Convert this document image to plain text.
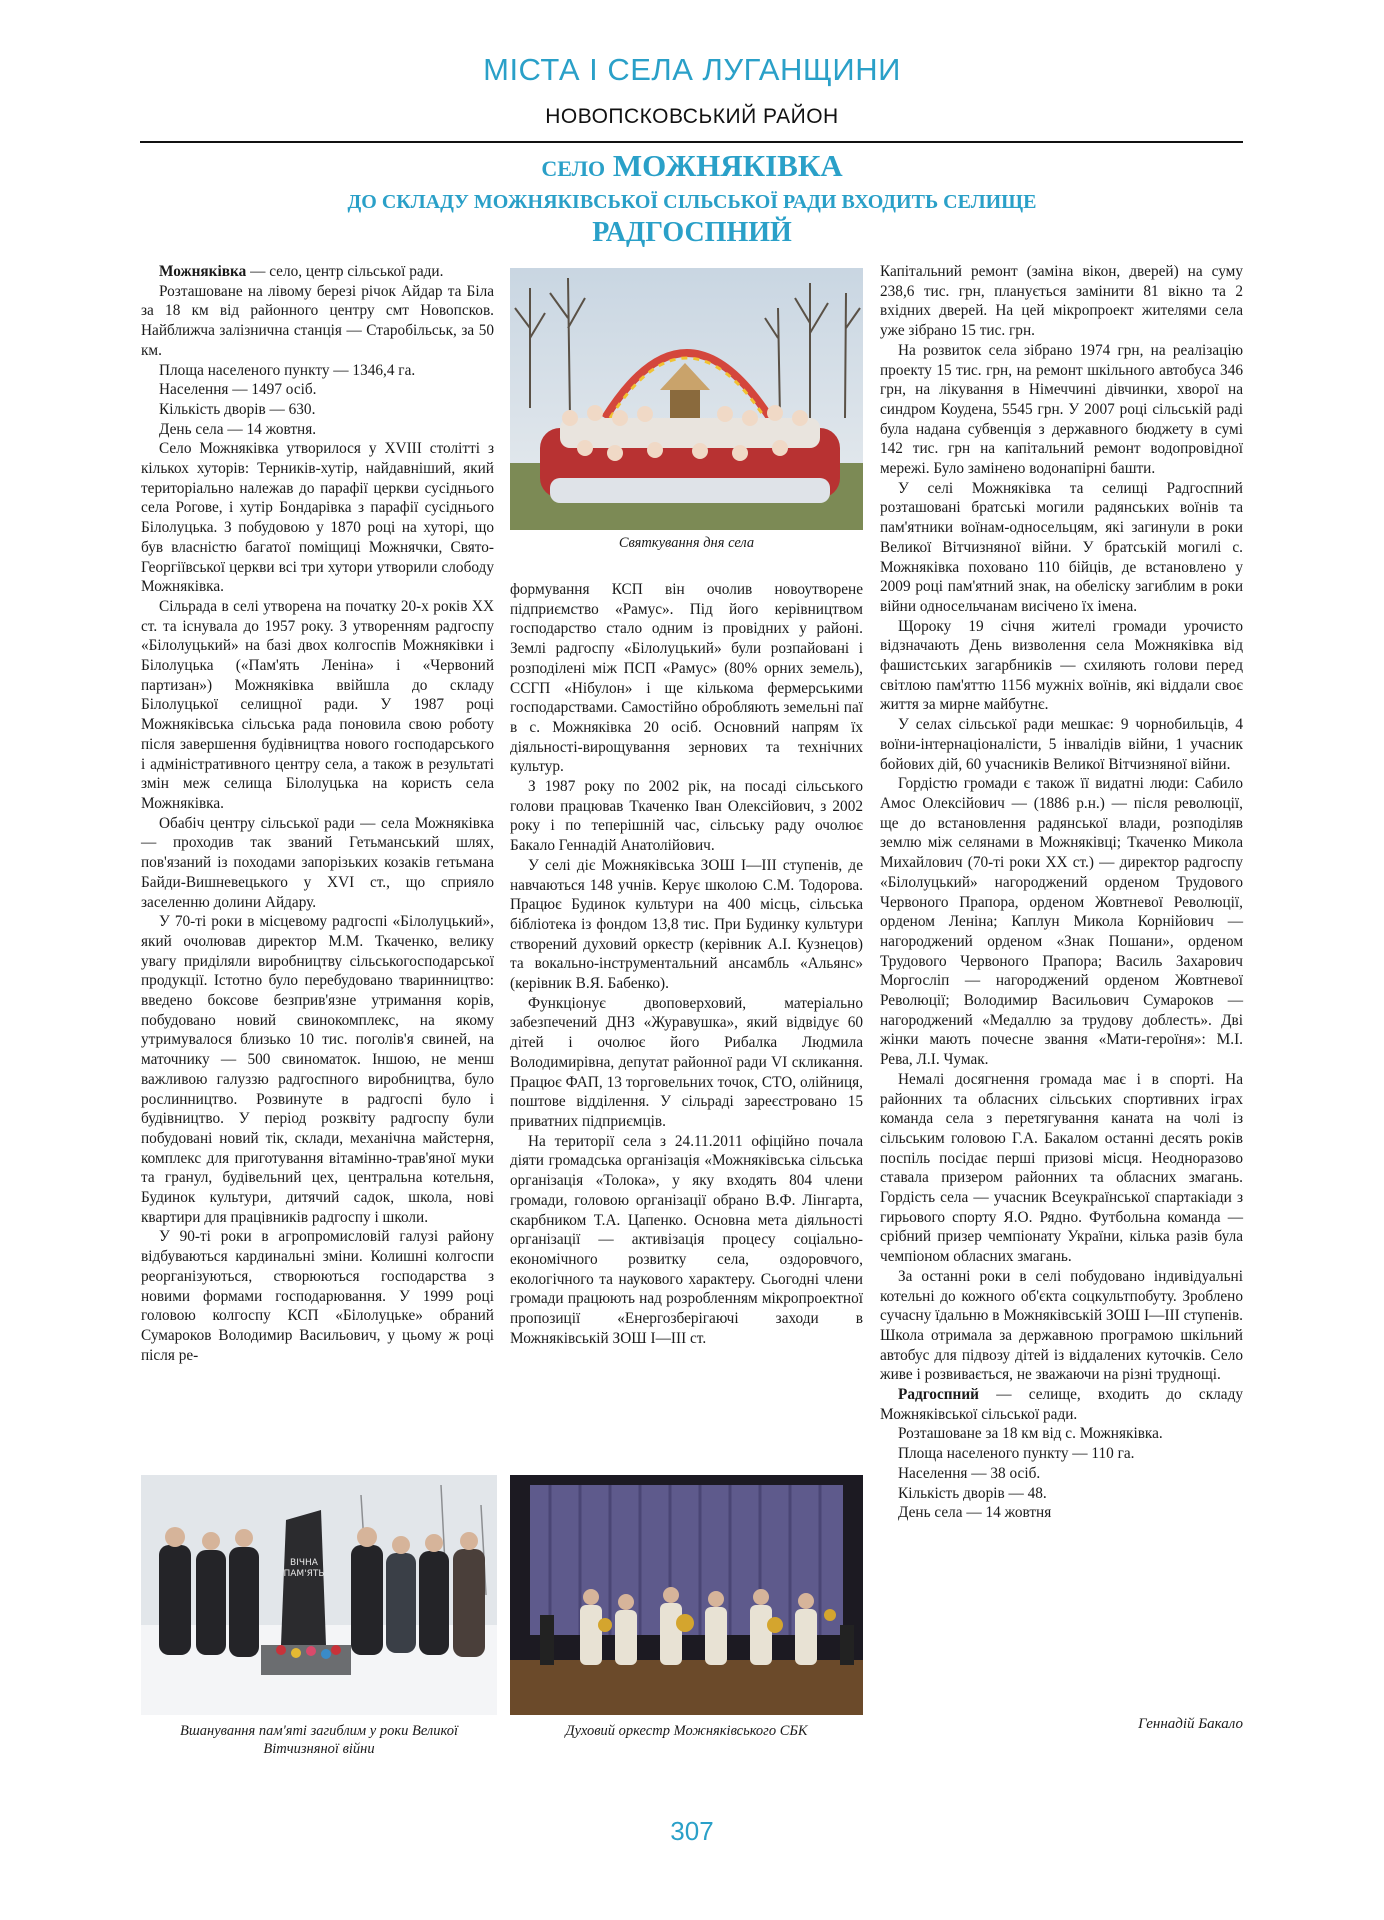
МІСТА І СЕЛА ЛУГАНЩИНИ
НОВОПСКОВСЬКИЙ РАЙОН
СЕЛО МОЖНЯКІВКА
ДО СКЛАДУ МОЖНЯКІВСЬКОЇ СІЛЬСЬКОЇ РАДИ ВХОДИТЬ СЕЛИЩЕ
РАДГОСПНИЙ

Можняківка — село, центр сільської ради.

Розташоване на лівому березі річок Айдар та Біла за 18 км від районного центру смт Новопсков. Найближча залізнична станція — Старобільськ, за 50 км.

Площа населеного пункту — 1346,4 га.

Населення — 1497 осіб.

Кількість дворів — 630.

День села — 14 жовтня.

Село Можняківка утворилося у XVIII столітті з кількох хуторів: Терників-хутір, найдавніший, який територіально належав до парафії церкви сусіднього села Рогове, і хутір Бондарівка з парафії сусіднього Білолуцька. З побудовою у 1870 році на хуторі, що був власністю багатої поміщиці Можнячки, Свято-Георгіївської церкви всі три хутори утворили слободу Можняківка.

Сільрада в селі утворена на початку 20-х років XX ст. та існувала до 1957 року. З утворенням радгоспу «Білолуцький» на базі двох колгоспів Можняківки і Білолуцька («Пам'ять Леніна» і «Червоний партизан») Можняківка ввійшла до складу Білолуцької селищної ради. У 1987 році Можняківська сільська рада поновила свою роботу після завершення будівництва нового господарського і адміністративного центру села, а також в результаті змін меж селища Білолуцька на користь села Можняківка.

Обабіч центру сільської ради — села Можняківка — проходив так званий Гетьманський шлях, пов'язаний із походами запорізьких козаків гетьмана Байди-Вишневецького у XVI ст., що сприяло заселенню долини Айдару.

У 70-ті роки в місцевому радгоспі «Білолуцький», який очолював директор М.М. Ткаченко, велику увагу приділяли виробництву сільськогосподарської продукції. Істотно було перебудовано тваринництво: введено боксове безприв'язне утримання корів, побудовано новий свинокомплекс, на якому утримувалося близько 10 тис. поголів'я свиней, на маточнику — 500 свиноматок. Іншою, не менш важливою галуззю радгоспного виробництва, було рослинництво. Розвинуте в радгоспі було і будівництво. У період розквіту радгоспу були побудовані новий тік, склади, механічна майстерня, комплекс для приготування вітамінно-трав'яної муки та гранул, будівельний цех, центральна котельня, Будинок культури, дитячий садок, школа, нові квартири для працівників радгоспу і школи.

У 90-ті роки в агропромисловій галузі району відбуваються кардинальні зміни. Колишні колгоспи реорганізуються, створюються господарства з новими формами господарювання. У 1999 році головою колгоспу КСП «Білолуцьке» обраний Сумароков Володимир Васильович, у цьому ж році після ре-

Святкування дня села

формування КСП він очолив новоутворене підприємство «Рамус». Під його керівництвом господарство стало одним із провідних у районі. Землі радгоспу «Білолуцький» були розпайовані і розподілені між ПСП «Рамус» (80% орних земель), ССГП «Нібулон» і ще кількома фермерськими господарствами. Самостійно обробляють земельні паї в с. Можняківка 20 осіб. Основний напрям їх діяльності-вирощування зернових та технічних культур.

З 1987 року по 2002 рік, на посаді сільського голови працював Ткаченко Іван Олексійович, з 2002 року і по теперішній час, сільську раду очолює Бакало Геннадій Анатолійович.

У селі діє Можняківська ЗОШ І—ІІІ ступенів, де навчаються 148 учнів. Керує школою С.М. Тодорова. Працює Будинок культури на 400 місць, сільська бібліотека із фондом 13,8 тис. При Будинку культури створений духовий оркестр (керівник А.І. Кузнецов) та вокально-інструментальний ансамбль «Альянс» (керівник В.Я. Бабенко).

Функціонує двоповерховий, матеріально забезпечений ДНЗ «Журавушка», який відвідує 60 дітей і очолює його Рибалка Людмила Володимирівна, депутат районної ради VI скликання. Працює ФАП, 13 торговельних точок, СТО, олійниця, поштове відділення. У сільраді зареєстровано 15 приватних підприємців.

На території села з 24.11.2011 офіційно почала діяти громадська організація «Можняківська сільська організація «Толока», у яку входять 804 члени громади, головою організації обрано В.Ф. Лінгарта, скарбником Т.А. Цапенко. Основна мета діяльності організації — активізація процесу соціально-економічного розвитку села, оздоровчого, екологічного та наукового характеру. Сьогодні члени громади працюють над розробленням мікропроектної пропозиції «Енергозберігаючі заходи в Можняківській ЗОШ І—ІІІ ст.

Капітальний ремонт (заміна вікон, дверей) на суму 238,6 тис. грн, планується замінити 81 вікно та 2 вхідних дверей. На цей мікропроект жителями села уже зібрано 15 тис. грн.

На розвиток села зібрано 1974 грн, на реалізацію проекту 15 тис. грн, на ремонт шкільного автобуса 346 грн, на лікування в Німеччині дівчинки, хворої на синдром Коудена, 5545 грн. У 2007 році сільській раді була надана субвенція з державного бюджету в сумі 142 тис. грн на капітальний ремонт водопровідної мережі. Було замінено водонапірні башти.

У селі Можняківка та селищі Радгоспний розташовані братські могили радянських воїнів та пам'ятники воїнам-односельцям, які загинули в роки Великої Вітчизняної війни. У братській могилі с. Можняківка поховано 110 бійців, де встановлено у 2009 році пам'ятний знак, на обеліску загиблим в роки війни односельчанам висічено їх імена.

Щороку 19 січня жителі громади урочисто відзначають День визволення села Можняківка від фашистських загарбників — схиляють голови перед світлою пам'яттю 1156 мужніх воїнів, які віддали своє життя за мирне майбутнє.

У селах сільської ради мешкає: 9 чорнобильців, 4 воїни-інтернаціоналісти, 5 інвалідів війни, 1 учасник бойових дій, 60 учасників Великої Вітчизняної війни.

Гордістю громади є також її видатні люди: Сабило Амос Олексійович — (1886 р.н.) — після революції, ще до встановлення радянської влади, розподіляв землю між селянами в Можняківці; Ткаченко Микола Михайлович (70-ті роки XX ст.) — директор радгоспу «Білолуцький» нагороджений орденом Трудового Червоного Прапора, орденом Жовтневої Революції, орденом Леніна; Каплун Микола Корнійович — нагороджений орденом «Знак Пошани», орденом Трудового Червоного Прапора; Василь Захарович Моргосліп — нагороджений орденом Жовтневої Революції; Володимир Васильович Сумароков — нагороджений «Медаллю за трудову доблесть». Дві жінки мають почесне звання «Мати-героїня»: М.І. Рева, Л.І. Чумак.

Немалі досягнення громада має і в спорті. На районних та обласних сільських спортивних іграх команда села з перетягування каната на чолі із сільським головою Г.А. Бакалом останні десять років поспіль посідає перші призові місця. Неодноразово ставала призером районних та обласних змагань. Гордість села — учасник Всеукраїнської спартакіади з гирьового спорту Я.О. Рядно. Футбольна команда — срібний призер чемпіонату України, кілька разів була чемпіоном обласних змагань.

За останні роки в селі побудовано індивідуальні котельні до кожного об'єкта соцкультпобуту. Зроблено сучасну їдальню в Можняківській ЗОШ І—ІІІ ступенів. Школа отримала за державною програмою шкільний автобус для підвозу дітей із віддалених куточків. Село живе і розвивається, не зважаючи на різні труднощі.

Радгоспний — селище, входить до складу Можняківської сільської ради.

Розташоване за 18 км від с. Можняківка.

Площа населеного пункту — 110 га.

Населення — 38 осіб.

Кількість дворів — 48.

День села — 14 жовтня

Геннадій Бакало
ВІЧНА
ПАМ'ЯТЬ
Вшанування пам'яті загиблим у роки Великої Вітчизняної війни
Духовий оркестр Можняківського СБК
307
